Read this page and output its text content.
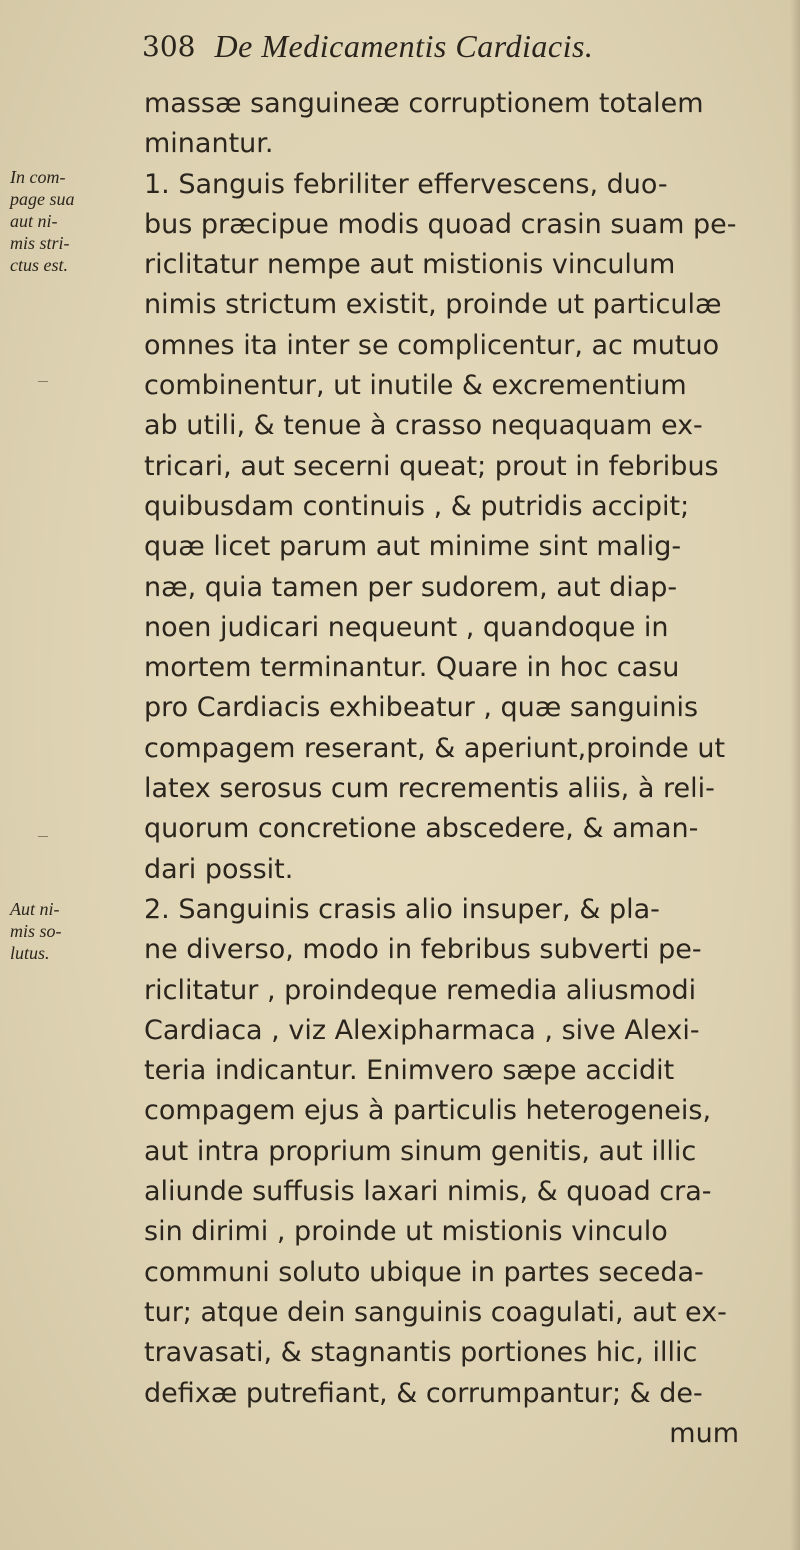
308 De Medicamentis Cardiacis.
In com-
page sua
aut ni-
mis stri-
ctus est.
Aut ni-
mis so-
lutus.
massæ sanguineæ corruptionem totalem
minantur.
1. Sanguis febriliter effervescens, duo-
bus præcipue modis quoad crasin suam pe-
riclitatur nempe aut mistionis vinculum
nimis strictum existit, proinde ut particulæ
omnes ita inter se complicentur, ac mutuo
combinentur, ut inutile & excrementium
ab utili, & tenue à crasso nequaquam ex-
tricari, aut secerni queat; prout in febribus
quibusdam continuis , & putridis accipit;
quæ licet parum aut minime sint malig-
næ, quia tamen per sudorem, aut diap-
noen judicari nequeunt , quandoque in
mortem terminantur. Quare in hoc casu
pro Cardiacis exhibeatur , quæ sanguinis
compagem reserant, & aperiunt,proinde ut
latex serosus cum recrementis aliis, à reli-
quorum concretione abscedere, & aman-
dari possit.
2. Sanguinis crasis alio insuper, & pla-
ne diverso, modo in febribus subverti pe-
riclitatur , proindeque remedia aliusmodi
Cardiaca , viz Alexipharmaca , sive Alexi-
teria indicantur. Enimvero sæpe accidit
compagem ejus à particulis heterogeneis,
aut intra proprium sinum genitis, aut illic
aliunde suffusis laxari nimis, & quoad cra-
sin dirimi , proinde ut mistionis vinculo
communi soluto ubique in partes seceda-
tur; atque dein sanguinis coagulati, aut ex-
travasati, & stagnantis portiones hic, illic
defixæ putrefiant, & corrumpantur; & de-
mum
